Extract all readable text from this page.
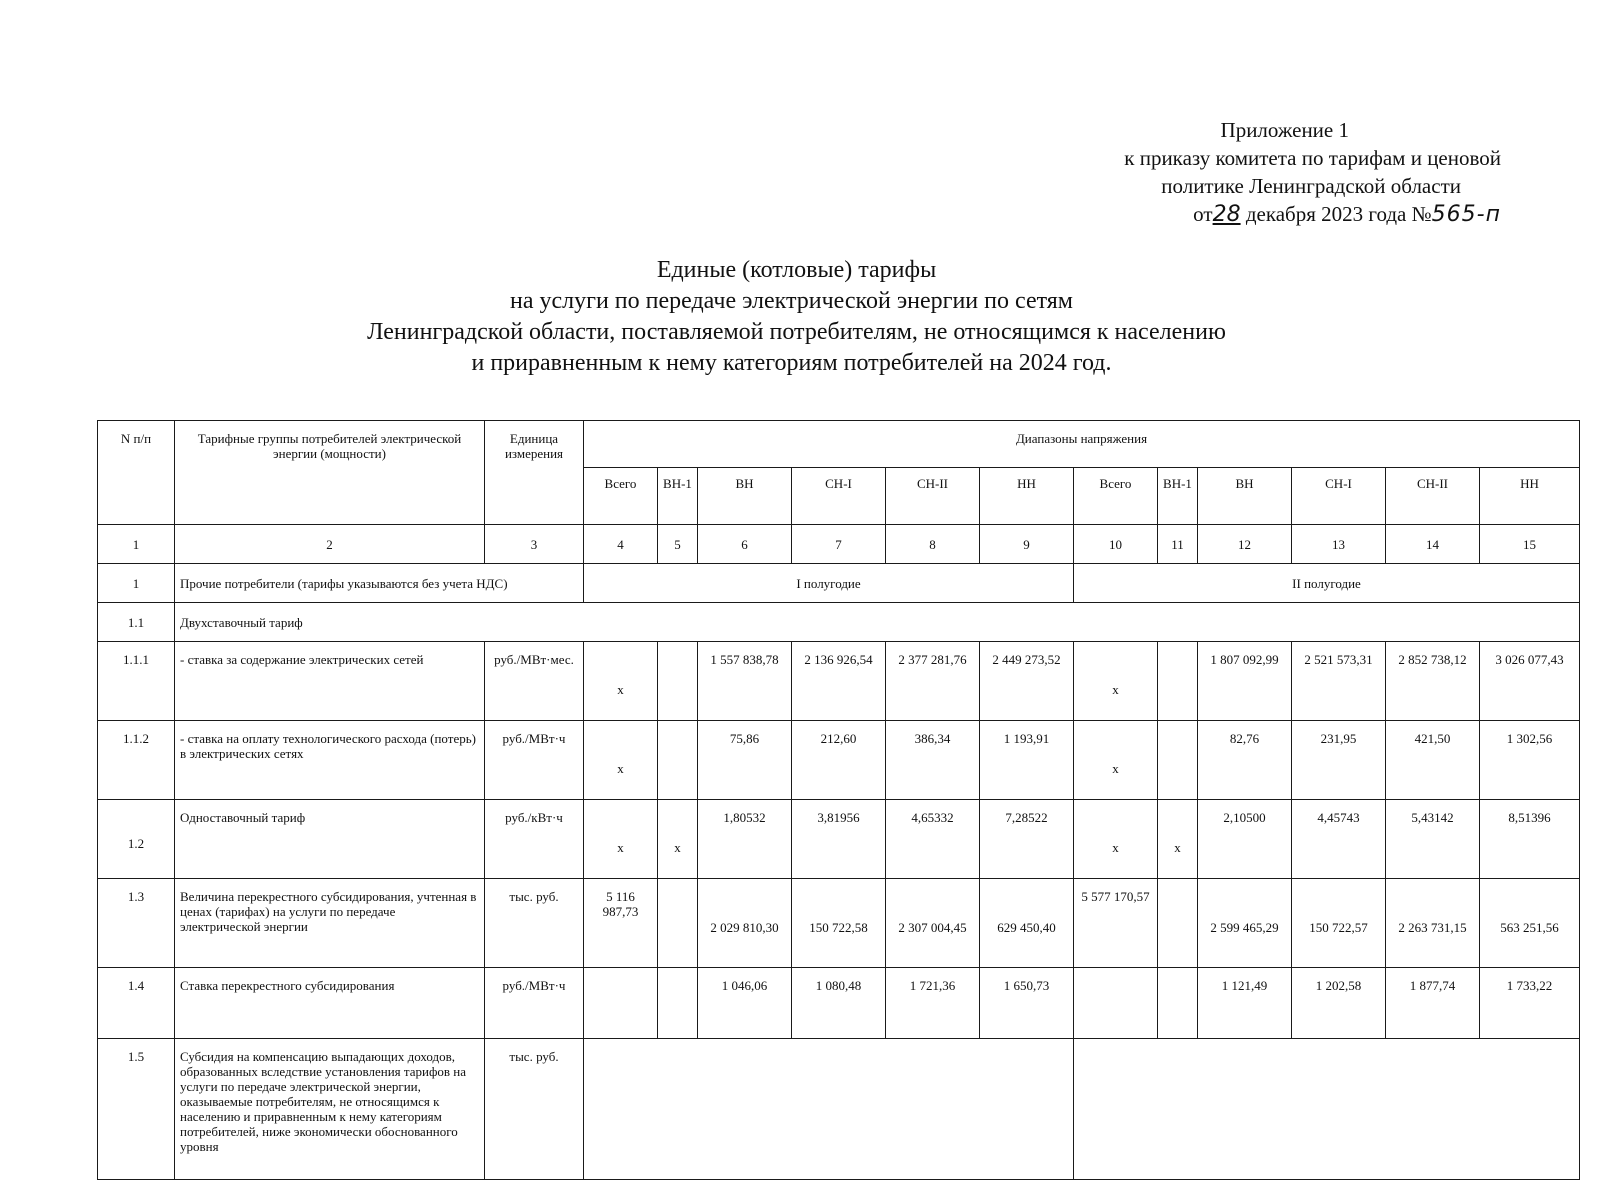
Приложение 1
к приказу комитета по тарифам и ценовой
политике Ленинградской области
от28 декабря 2023 года №565-п
Единые (котловые) тарифы
на услуги по передаче электрической энергии по сетям
Ленинградской области, поставляемой потребителям, не относящимся к населению
и приравненным к нему категориям потребителей на 2024 год.
N п/п	Тарифные группы потребителей электрической энергии (мощности)	Единица измерения	Диапазоны напряжения											
			Всего	ВН-1	ВН	СН-I	СН-II	НН	Всего	ВН-1	ВН	СН-I	СН-II	НН
1	2	3	4	5	6	7	8	9	10	11	12	13	14	15
1	Прочие потребители (тарифы указываются без учета НДС)		I полугодие						II полугодие					
1.1	Двухставочный тариф													
1.1.1	- ставка за содержание электрических сетей	руб./МВт·мес.	x		1 557 838,78	2 136 926,54	2 377 281,76	2 449 273,52	x		1 807 092,99	2 521 573,31	2 852 738,12	3 026 077,43
1.1.2	- ставка на оплату технологического расхода (потерь) в электрических сетях	руб./МВт·ч	x		75,86	212,60	386,34	1 193,91	x		82,76	231,95	421,50	1 302,56
1.2	Одноставочный тариф	руб./кВт·ч	x	x	1,80532	3,81956	4,65332	7,28522	x	x	2,10500	4,45743	5,43142	8,51396
1.3	Величина перекрестного субсидирования, учтенная в ценах (тарифах) на услуги по передаче электрической энергии	тыс. руб.	5 116 987,73		2 029 810,30	150 722,58	2 307 004,45	629 450,40	5 577 170,57		2 599 465,29	150 722,57	2 263 731,15	563 251,56
1.4	Ставка перекрестного субсидирования	руб./МВт·ч			1 046,06	1 080,48	1 721,36	1 650,73			1 121,49	1 202,58	1 877,74	1 733,22
1.5	Субсидия на компенсацию выпадающих доходов, образованных вследствие установления тарифов на услуги по передаче электрической энергии, оказываемые потребителям, не относящимся к населению и приравненным к нему категориям потребителей, ниже экономически обоснованного уровня	тыс. руб.												
